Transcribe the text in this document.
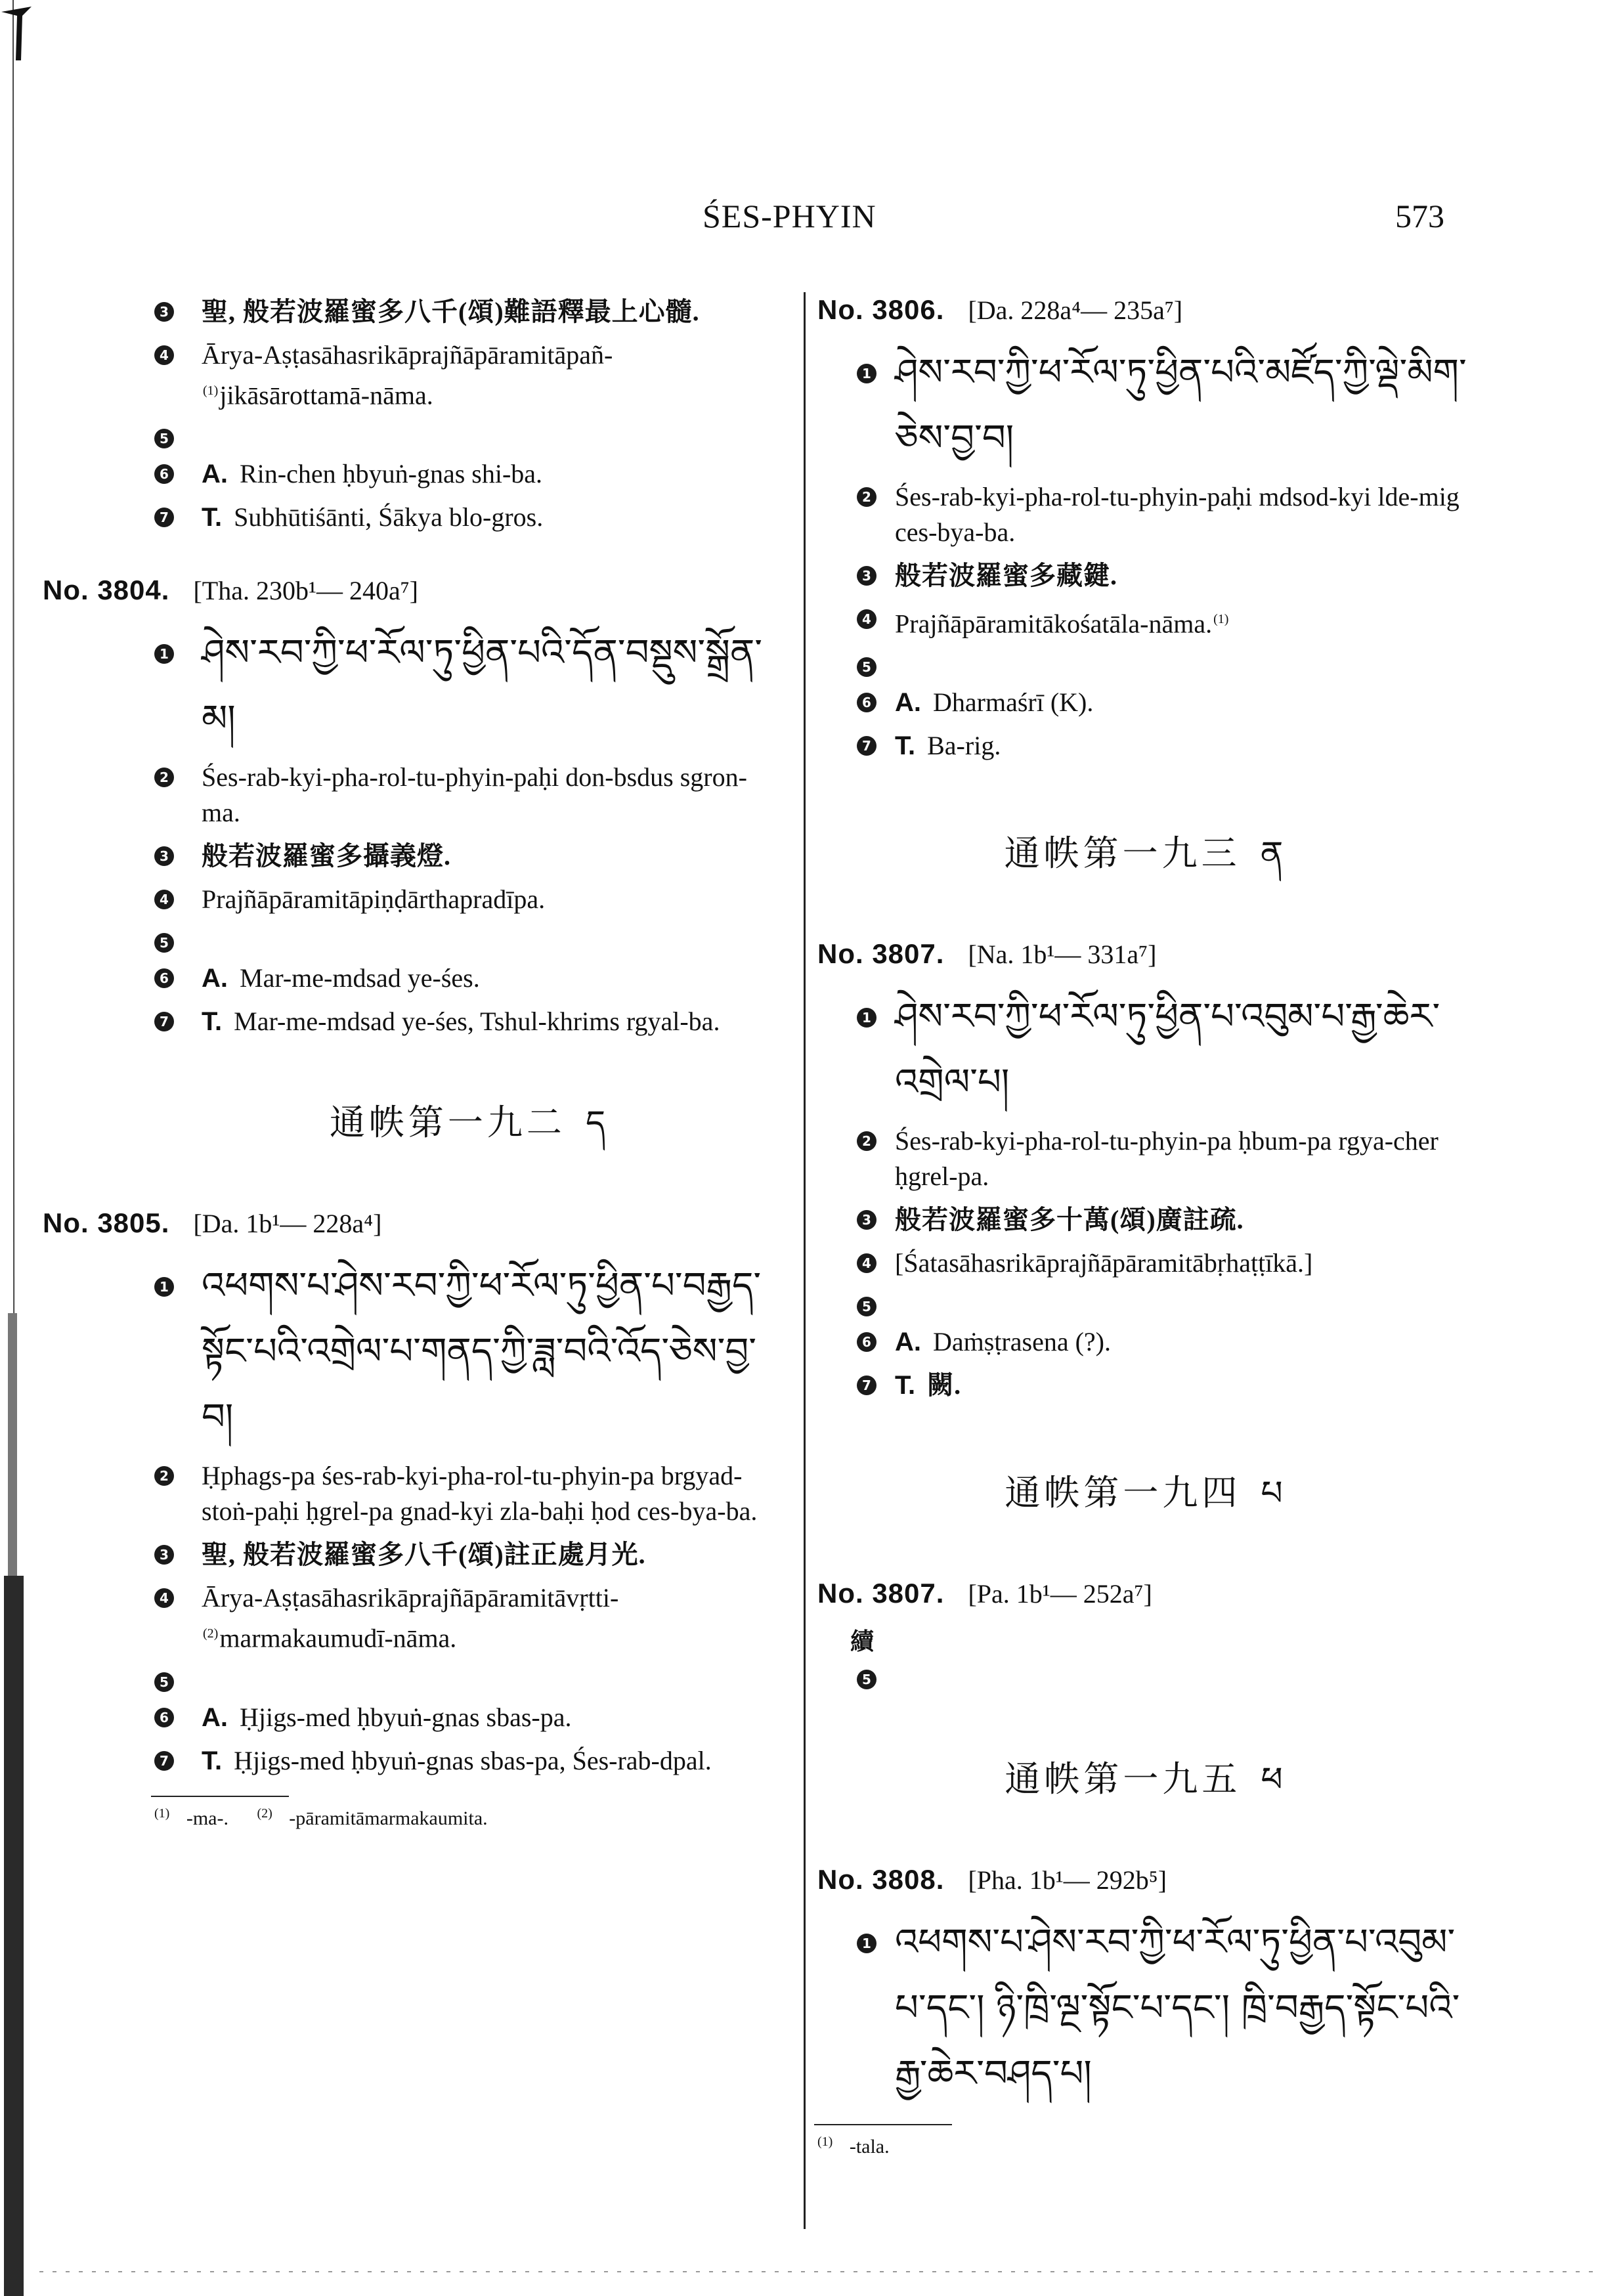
ŚES-PHYIN	573
3 聖, 般若波羅蜜多八千(頌)難語釋最上心髓.
4 Ārya-Aṣṭasāhasrikāprajñāpāramitāpañ-
$^{(1)}$jikāsārottamā-nāma.
5
6 A. Rin-chen ḥbyuṅ-gnas shi-ba.
7 T. Subhūtiśānti, Śākya blo-gros.
No. 3804. [Tha. 230b¹— 240a⁷]
1 ཤེས་རབ་ཀྱི་ཕ་རོལ་ཏུ་ཕྱིན་པའི་དོན་བསྡུས་སྒྲོན་
མ།
2 Śes-rab-kyi-pha-rol-tu-phyin-paḥi don-bsdus sgron-ma.
3 般若波羅蜜多攝義燈.
4 Prajñāpāramitāpiṇḍārthapradīpa.
5
6 A. Mar-me-mdsad ye-śes.
7 T. Mar-me-mdsad ye-śes, Tshul-khrims rgyal-ba.
通帙第一九二 ད
No. 3805. [Da. 1b¹— 228a⁴]
1 འཕགས་པ་ཤེས་རབ་ཀྱི་ཕ་རོལ་ཏུ་ཕྱིན་པ་བརྒྱད་
སྟོང་པའི་འགྲེལ་པ་གནད་ཀྱི་ཟླ་བའི་འོད་ཅེས་བྱ་
བ།
2 Ḥphags-pa śes-rab-kyi-pha-rol-tu-phyin-pa brgyad-stoṅ-paḥi ḥgrel-pa gnad-kyi zla-baḥi ḥod ces-bya-ba.
3 聖, 般若波羅蜜多八千(頌)註正處月光.
4 Ārya-Aṣṭasāhasrikāprajñāpāramitāvṛtti-
$^{(2)}$marmakaumudī-nāma.
5
6 A. Ḥjigs-med ḥbyuṅ-gnas sbas-pa.
7 T. Ḥjigs-med ḥbyuṅ-gnas sbas-pa, Śes-rab-dpal.
$^{(1)}$ -ma-. $^{(2)}$ -pāramitāmarmakaumita.
No. 3806. [Da. 228a⁴— 235a⁷]
1 ཤེས་རབ་ཀྱི་ཕ་རོལ་ཏུ་ཕྱིན་པའི་མཛོད་ཀྱི་ལྡེ་མིག་
ཅེས་བྱ་བ།
2 Śes-rab-kyi-pha-rol-tu-phyin-paḥi mdsod-kyi lde-mig ces-bya-ba.
3 般若波羅蜜多藏鍵.
4 Prajñāpāramitākośatāla-nāma. $^{(1)}$
5
6 A. Dharmaśrī (K).
7 T. Ba-rig.
通帙第一九三 ན
No. 3807. [Na. 1b¹— 331a⁷]
1 ཤེས་རབ་ཀྱི་ཕ་རོལ་ཏུ་ཕྱིན་པ་འབུམ་པ་རྒྱ་ཆེར་
འགྲེལ་པ།
2 Śes-rab-kyi-pha-rol-tu-phyin-pa ḥbum-pa rgya-cher ḥgrel-pa.
3 般若波羅蜜多十萬(頌)廣註疏.
4 [Śatasāhasrikāprajñāpāramitābṛhaṭṭīkā.]
5
6 A. Daṁṣṭrasena (?).
7 T. 闕.
通帙第一九四 པ
No. 3807. [Pa. 1b¹— 252a⁷]
續
5
通帙第一九五 ཕ
No. 3808. [Pha. 1b¹— 292b⁵]
1 འཕགས་པ་ཤེས་རབ་ཀྱི་ཕ་རོལ་ཏུ་ཕྱིན་པ་འབུམ་
པ་དང༌། ཉི་ཁྲི་ལྔ་སྟོང་པ་དང༌། ཁྲི་བརྒྱད་སྟོང་པའི་
རྒྱ་ཆེར་བཤད་པ།
$^{(1)}$ -tala.
